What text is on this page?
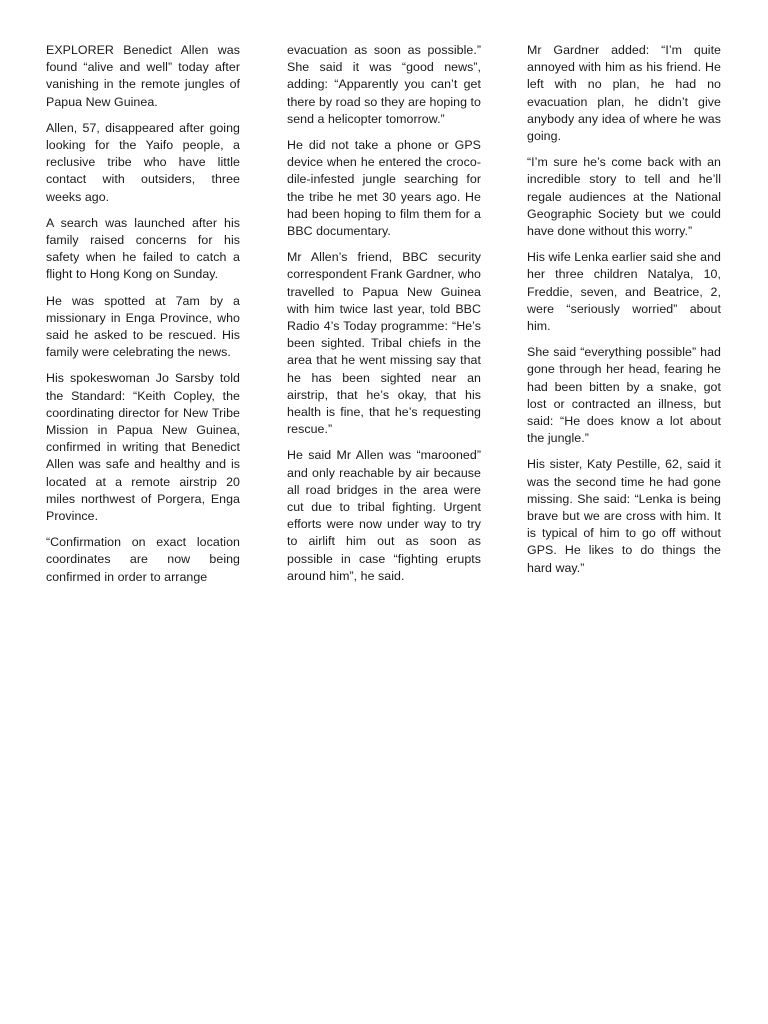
EXPLORER Benedict Allen was found “alive and well” today after vanishing in the remote jungles of Papua New Guinea.

Allen, 57, disappeared after going looking for the Yaifo people, a reclusive tribe who have little contact with outsiders, three weeks ago.

A search was launched after his family raised concerns for his safety when he failed to catch a flight to Hong Kong on Sunday.

He was spotted at 7am by a missionary in Enga Province, who said he asked to be rescued. His family were celebrating the news.

His spokeswoman Jo Sarsby told the Standard: “Keith Copley, the coordinating director for New Tribe Mission in Papua New Guinea, confirmed in writing that Benedict Allen was safe and healthy and is located at a remote airstrip 20 miles northwest of Porgera, Enga Province.

“Confirmation on exact location coordinates are now being confirmed in order to arrange

evacuation as soon as possible.” She said it was “good news”, adding: “Apparently you can’t get there by road so they are hoping to send a helicopter tomorrow.”

He did not take a phone or GPS device when he entered the croco-dile-infested jungle searching for the tribe he met 30 years ago. He had been hoping to film them for a BBC documentary.

Mr Allen’s friend, BBC security correspondent Frank Gardner, who travelled to Papua New Guinea with him twice last year, told BBC Radio 4’s Today programme: “He’s been sighted. Tribal chiefs in the area that he went missing say that he has been sighted near an airstrip, that he’s okay, that his health is fine, that he’s requesting rescue.”

He said Mr Allen was “marooned” and only reachable by air because all road bridges in the area were cut due to tribal fighting. Urgent efforts were now under way to try to airlift him out as soon as possible in case “fighting erupts around him”, he said.

Mr Gardner added: “I’m quite annoyed with him as his friend. He left with no plan, he had no evacuation plan, he didn’t give anybody any idea of where he was going.

“I’m sure he’s come back with an incredible story to tell and he’ll regale audiences at the National Geographic Society but we could have done without this worry.”

His wife Lenka earlier said she and her three children Natalya, 10, Freddie, seven, and Beatrice, 2, were “seriously worried” about him.

She said “everything possible” had gone through her head, fearing he had been bitten by a snake, got lost or contracted an illness, but said: “He does know a lot about the jungle.”

His sister, Katy Pestille, 62, said it was the second time he had gone missing. She said: “Lenka is being brave but we are cross with him. It is typical of him to go off without GPS. He likes to do things the hard way.”
